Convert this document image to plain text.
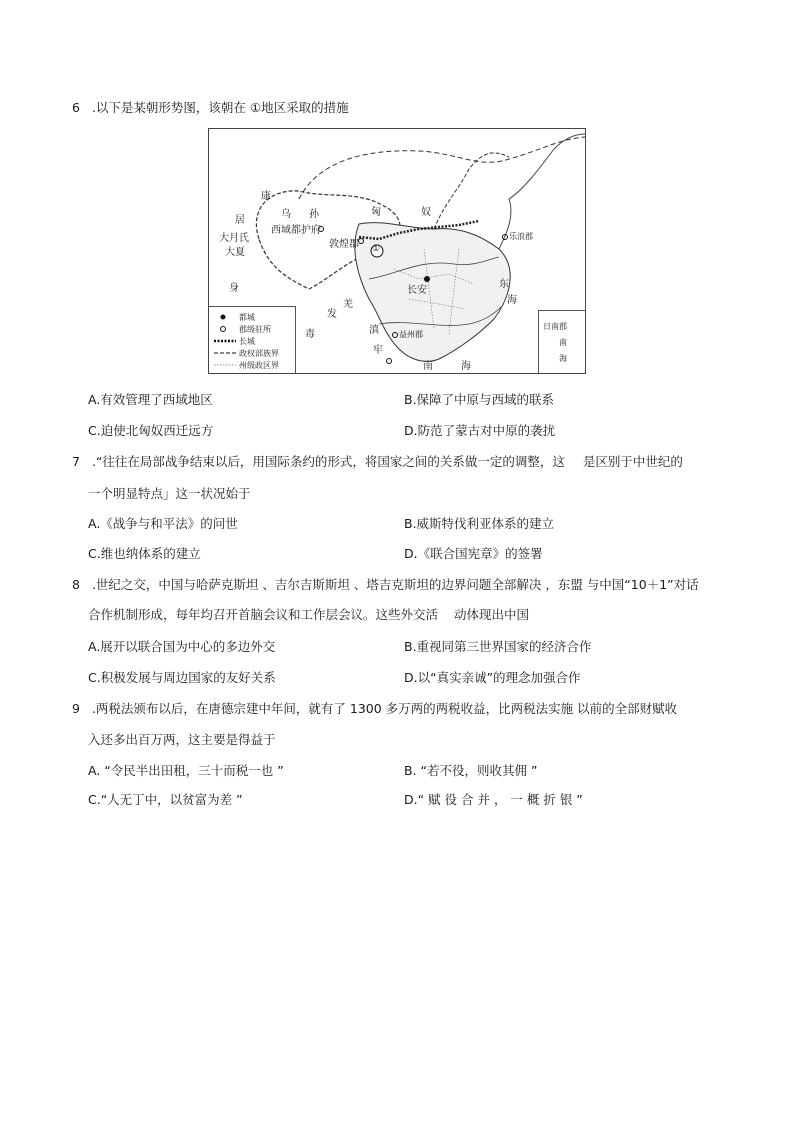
6 .以下是某朝形势图，该朝在 ①地区采取的措施
康
居
大月氏
大夏
身
乌 孙
西域都护府
匈	奴
敦煌郡 ①
长安
羌
发
毒	滇
牢
益州郡
乐浪郡
东
海
南	海
都城
郡级驻所
长城
政权部族界
州级政区界
日南郡
南
海
A.有效管理了西域地区	B.保障了中原与西域的联系
C.迫使北匈奴西迁远方	D.防范了蒙古对中原的袭扰
7 .“往往在局部战争结束以后，用国际条约的形式，将国家之间的关系做一定的调整，这 是区别于中世纪的
一个明显特点」这一状况始于
A.《战争与和平法》的问世	B.威斯特伐利亚体系的建立
C.维也纳体系的建立	D.《联合国宪章》的签署
8 .世纪之交，中国与哈萨克斯坦 、吉尔吉斯斯坦 、塔吉克斯坦的边界问题全部解决 ，东盟 与中国“10＋1”对话
合作机制形成，每年均召开首脑会议和工作层会议。这些外交活 动体现出中国
A.展开以联合国为中心的多边外交	B.重视同第三世界国家的经济合作
C.积极发展与周边国家的友好关系	D.以“真实亲诚”的理念加强合作
9 .两税法颁布以后，在唐德宗建中年间，就有了 1300 多万两的两税收益，比两税法实施 以前的全部财赋收
入还多出百万两，这主要是得益于
A. “令民半出田租，三十而税一也 ”	B. “若不役，则收其佣 ”
C.“人无丁中，以贫富为差 ”	D.“ 赋 役 合 并 ， 一 概 折 银 ”
